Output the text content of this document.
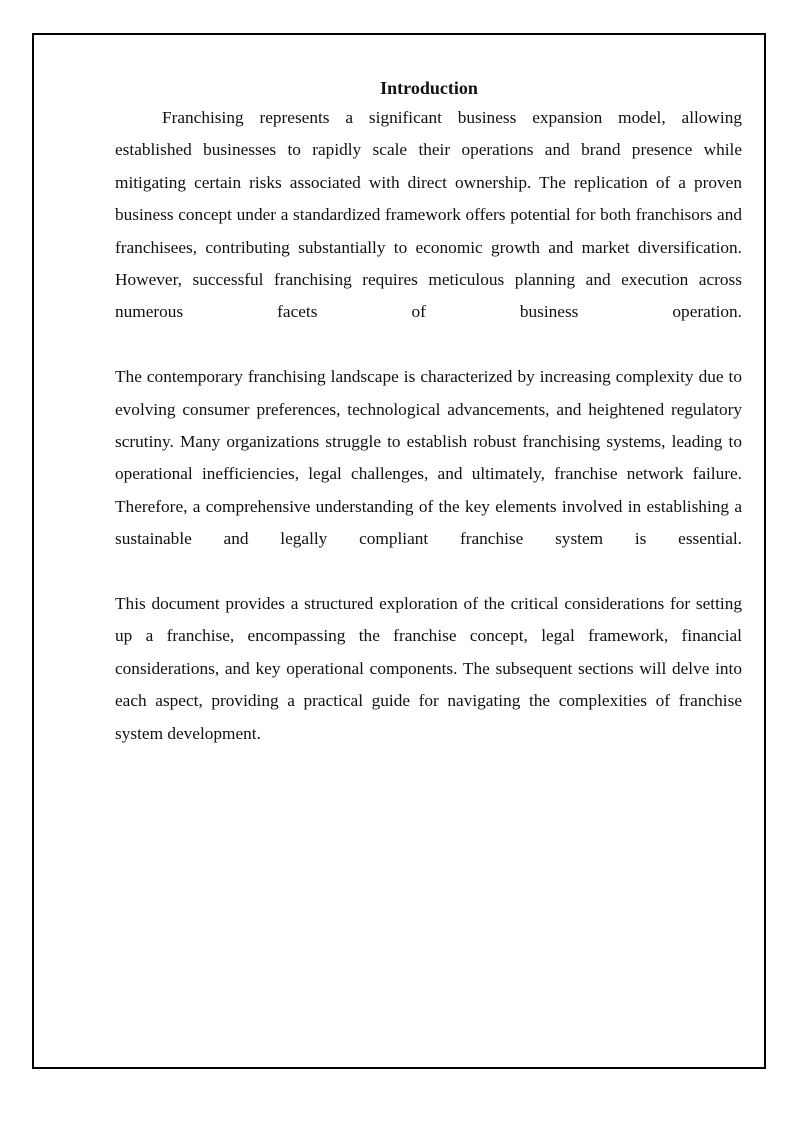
Introduction

Franchising represents a significant business expansion model, allowing established businesses to rapidly scale their operations and brand presence while mitigating certain risks associated with direct ownership. The replication of a proven business concept under a standardized framework offers potential for both franchisors and franchisees, contributing substantially to economic growth and market diversification. However, successful franchising requires meticulous planning and execution across numerous facets of business operation.

The contemporary franchising landscape is characterized by increasing complexity due to evolving consumer preferences, technological advancements, and heightened regulatory scrutiny. Many organizations struggle to establish robust franchising systems, leading to operational inefficiencies, legal challenges, and ultimately, franchise network failure. Therefore, a comprehensive understanding of the key elements involved in establishing a sustainable and legally compliant franchise system is essential.

This document provides a structured exploration of the critical considerations for setting up a franchise, encompassing the franchise concept, legal framework, financial considerations, and key operational components. The subsequent sections will delve into each aspect, providing a practical guide for navigating the complexities of franchise system development.
